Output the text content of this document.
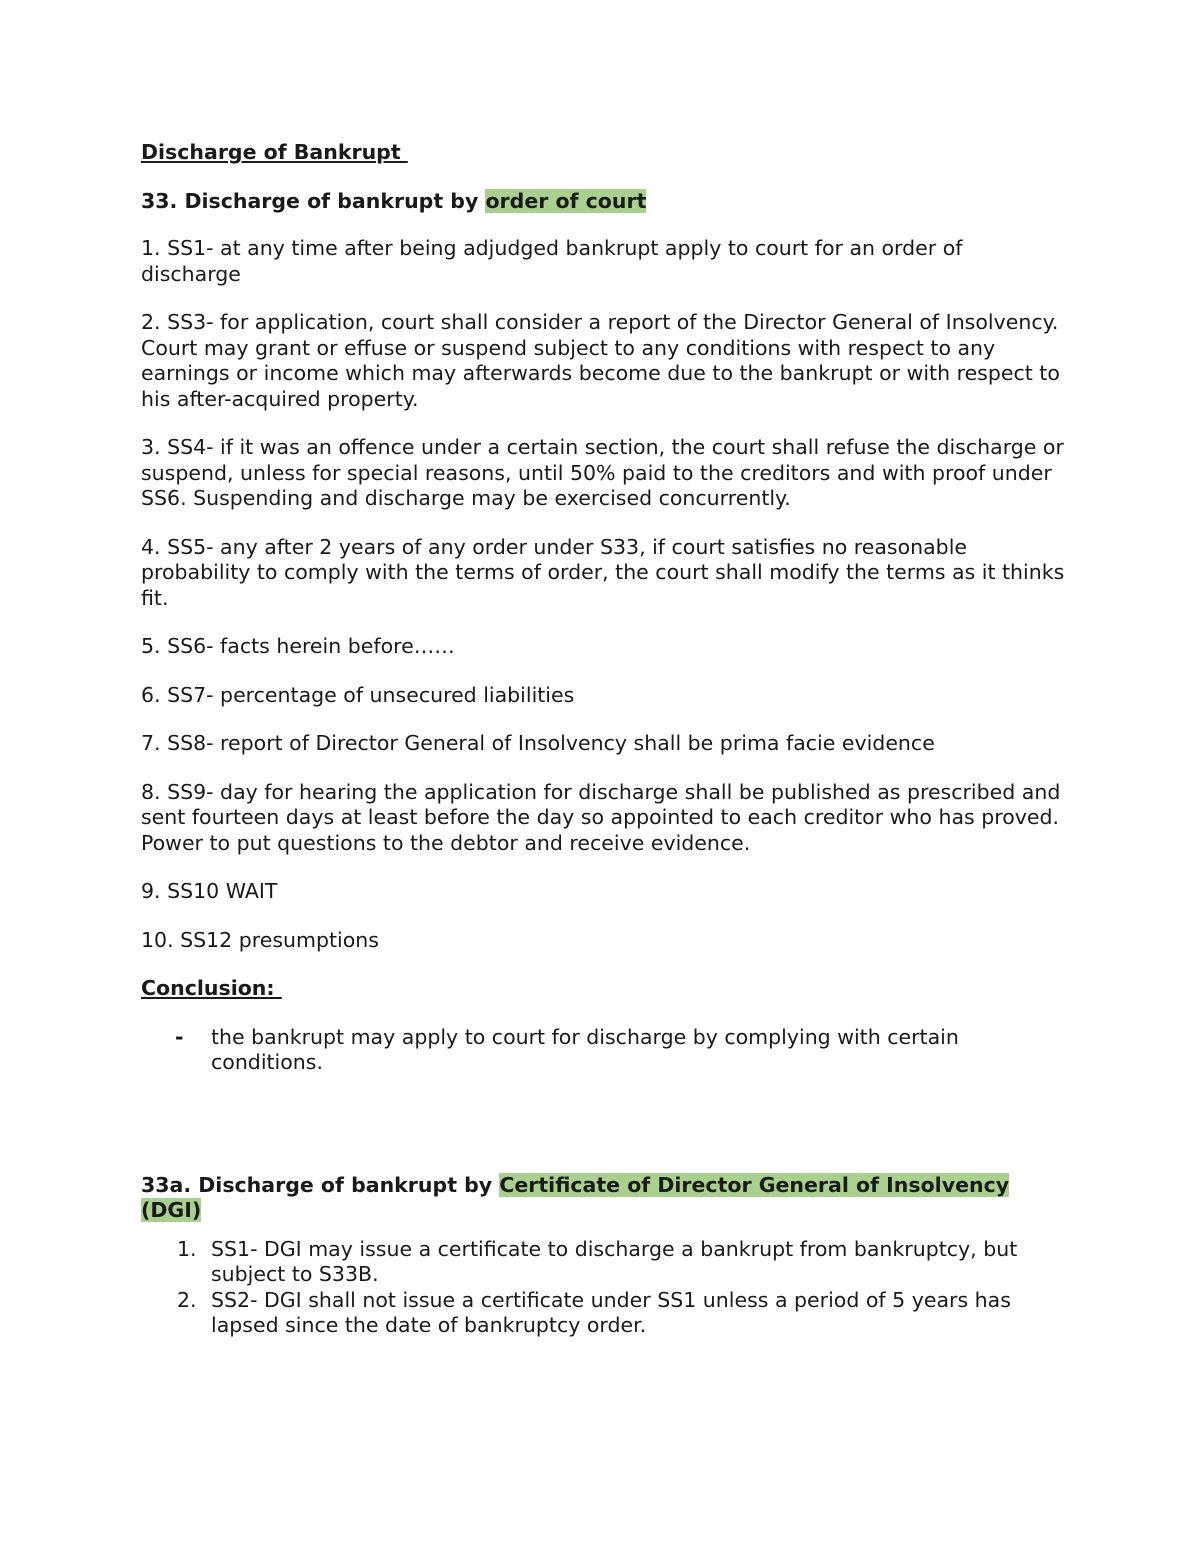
Discharge of Bankrupt
33. Discharge of bankrupt by order of court
1. SS1- at any time after being adjudged bankrupt apply to court for an order of discharge
2. SS3- for application, court shall consider a report of the Director General of Insolvency. Court may grant or effuse or suspend subject to any conditions with respect to any earnings or income which may afterwards become due to the bankrupt or with respect to his after-acquired property.
3. SS4- if it was an offence under a certain section, the court shall refuse the discharge or suspend, unless for special reasons, until 50% paid to the creditors and with proof under SS6. Suspending and discharge may be exercised concurrently.
4. SS5- any after 2 years of any order under S33, if court satisfies no reasonable probability to comply with the terms of order, the court shall modify the terms as it thinks fit.
5. SS6- facts herein before……
6. SS7- percentage of unsecured liabilities
7. SS8- report of Director General of Insolvency shall be prima facie evidence
8. SS9- day for hearing the application for discharge shall be published as prescribed and sent fourteen days at least before the day so appointed to each creditor who has proved. Power to put questions to the debtor and receive evidence.
9. SS10 WAIT
10. SS12 presumptions
Conclusion:
- the bankrupt may apply to court for discharge by complying with certain conditions.
33a. Discharge of bankrupt by Certificate of Director General of Insolvency (DGI)
1. SS1- DGI may issue a certificate to discharge a bankrupt from bankruptcy, but subject to S33B.
2. SS2- DGI shall not issue a certificate under SS1 unless a period of 5 years has lapsed since the date of bankruptcy order.
